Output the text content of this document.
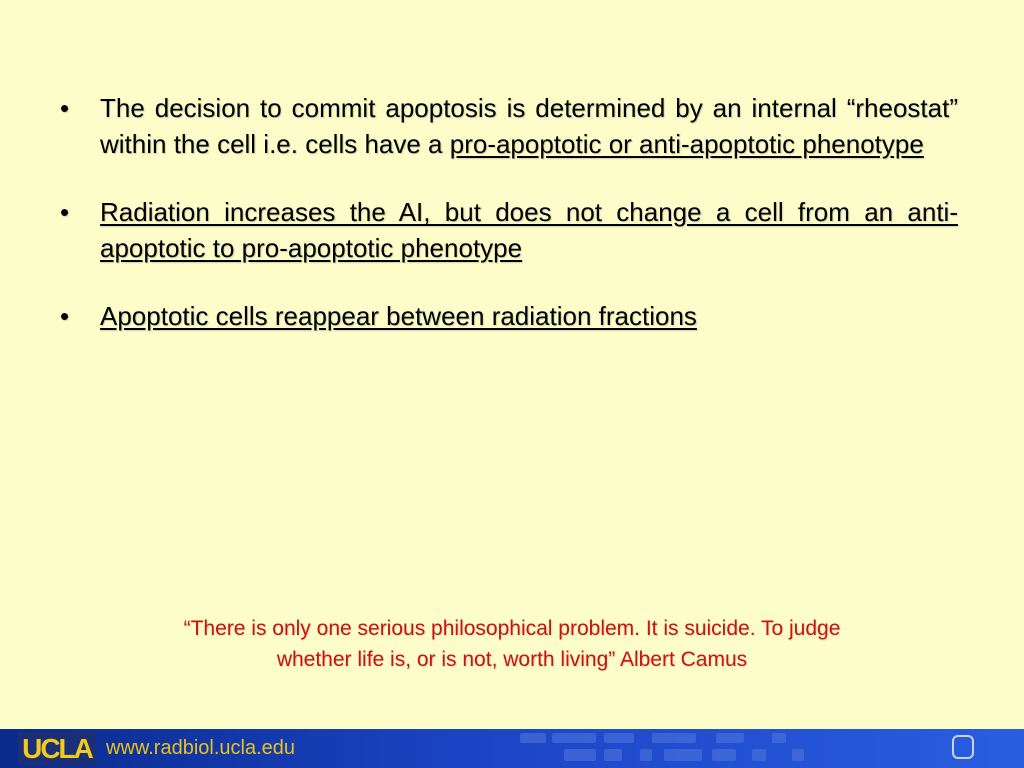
• The decision to commit apoptosis is determined by an internal “rheostat” within the cell i.e. cells have a pro-apoptotic or anti-apoptotic phenotype
• Radiation increases the AI, but does not change a cell from an anti-apoptotic to pro-apoptotic phenotype
• Apoptotic cells reappear between radiation fractions
“There is only one serious philosophical problem. It is suicide. To judge
whether life is, or is not, worth living” Albert Camus
UCLA www.radbiol.ucla.edu
